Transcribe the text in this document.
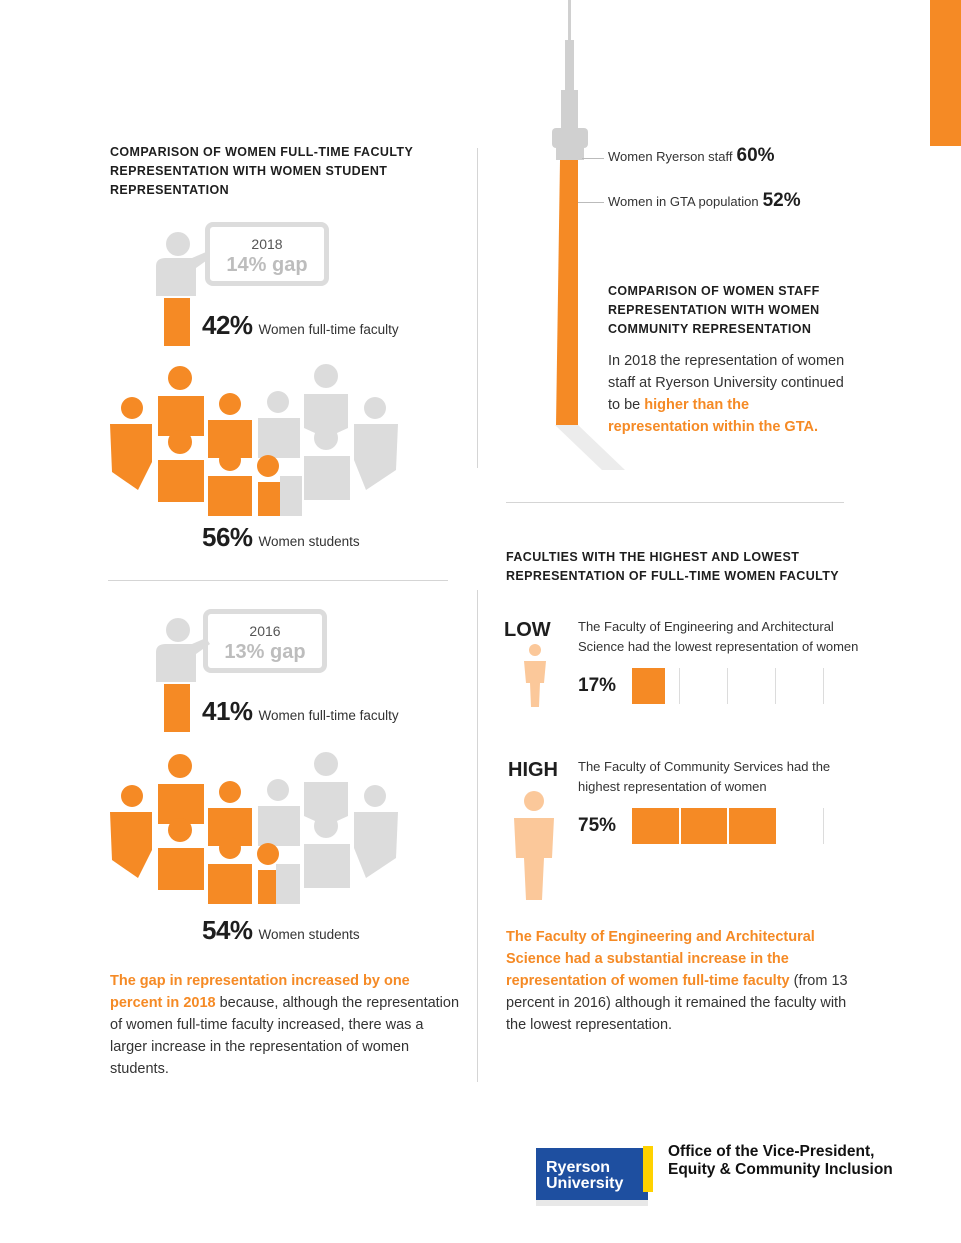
COMPARISON OF WOMEN FULL-TIME FACULTY REPRESENTATION WITH WOMEN STUDENT REPRESENTATION
2018
14% gap
42% Women full-time faculty
56% Women students
2016
13% gap
41% Women full-time faculty
54% Women students
The gap in representation increased by one percent in 2018 because, although the representation of women full-time faculty increased, there was a larger increase in the representation of women students.
Women Ryerson staff 60%
Women in GTA population 52%
COMPARISON OF WOMEN STAFF REPRESENTATION WITH WOMEN COMMUNITY REPRESENTATION
In 2018 the representation of women staff at Ryerson University continued to be higher than the representation within the GTA.
FACULTIES WITH THE HIGHEST AND LOWEST REPRESENTATION OF FULL-TIME WOMEN FACULTY
LOW The Faculty of Engineering and Architectural Science had the lowest representation of women
17%
HIGH The Faculty of Community Services had the highest representation of women
75%
The Faculty of Engineering and Architectural Science had a substantial increase in the representation of women full-time faculty (from 13 percent in 2016) although it remained the faculty with the lowest representation.
Ryerson
University
Office of the Vice-President,
Equity & Community Inclusion
